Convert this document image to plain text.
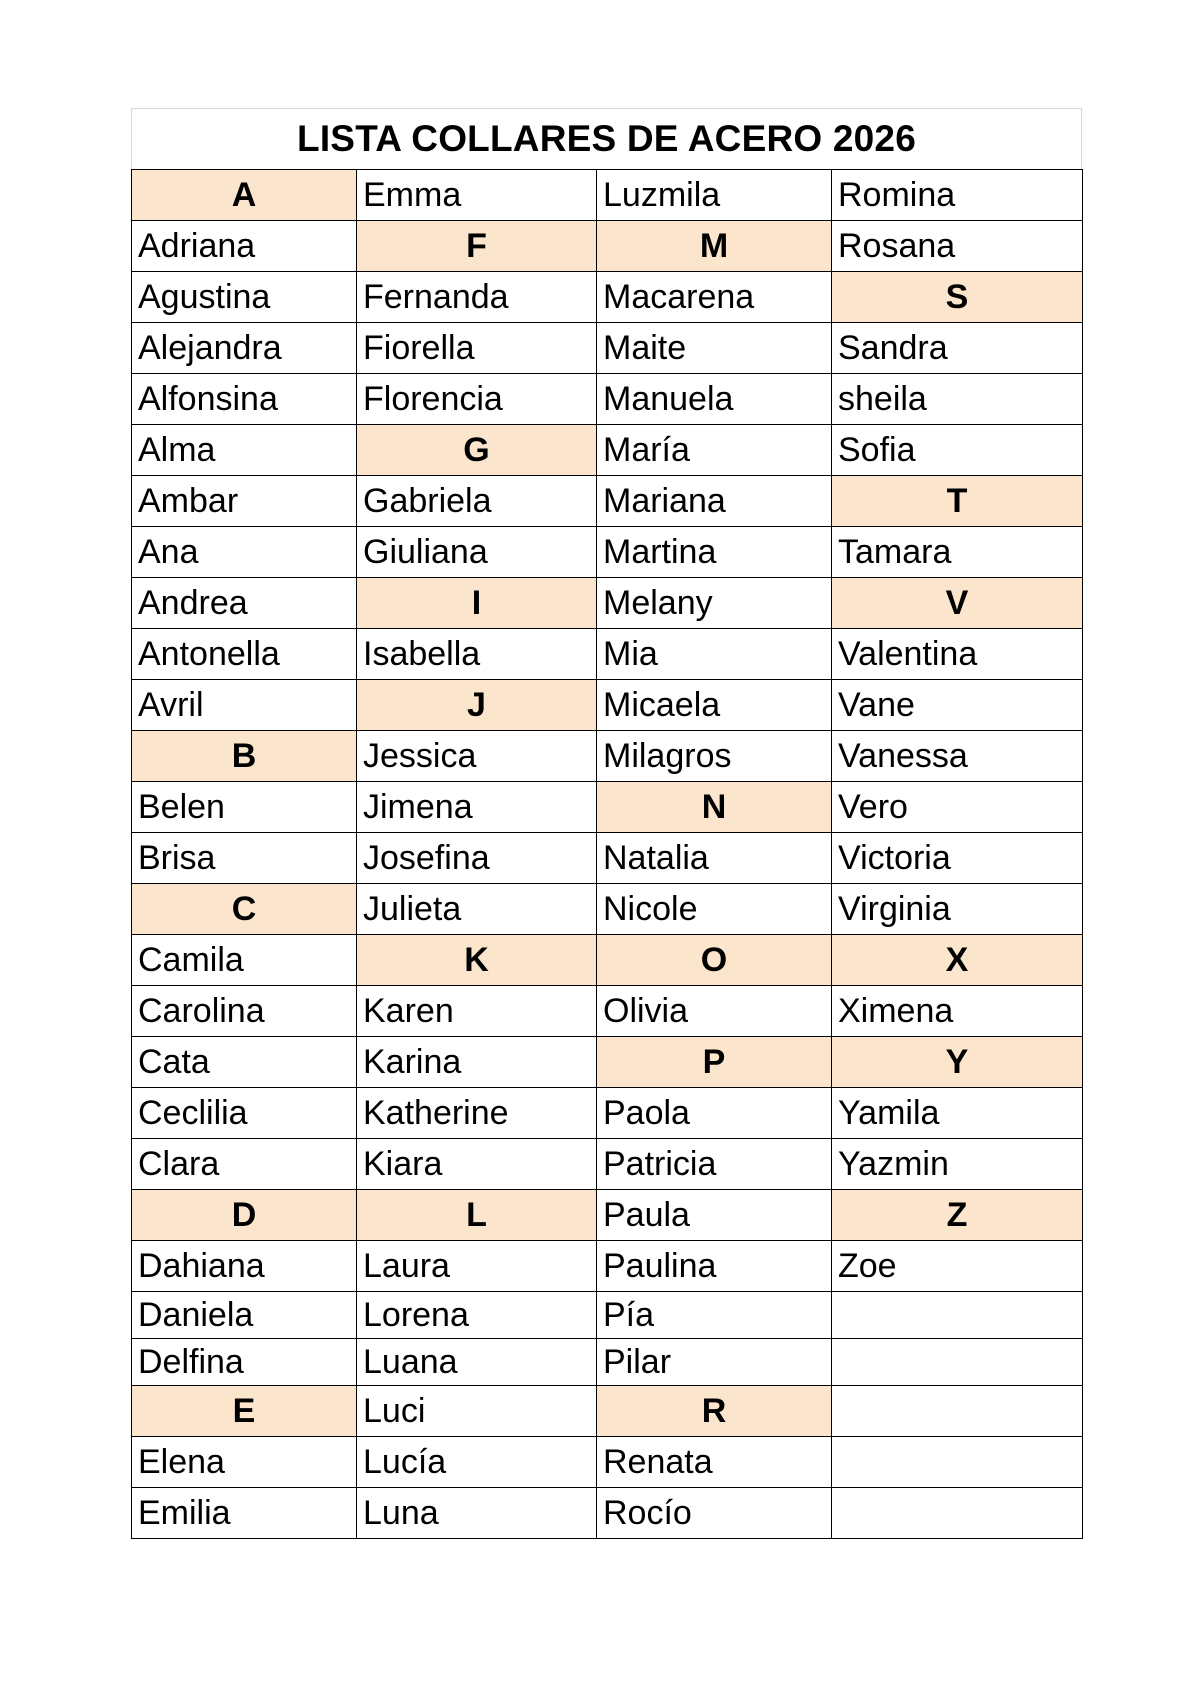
LISTA COLLARES DE ACERO 2026
A	Emma	Luzmila	Romina
Adriana	F	M	Rosana
Agustina	Fernanda	Macarena	S
Alejandra	Fiorella	Maite	Sandra
Alfonsina	Florencia	Manuela	sheila
Alma	G	María	Sofia
Ambar	Gabriela	Mariana	T
Ana	Giuliana	Martina	Tamara
Andrea	I	Melany	V
Antonella	Isabella	Mia	Valentina
Avril	J	Micaela	Vane
B	Jessica	Milagros	Vanessa
Belen	Jimena	N	Vero
Brisa	Josefina	Natalia	Victoria
C	Julieta	Nicole	Virginia
Camila	K	O	X
Carolina	Karen	Olivia	Ximena
Cata	Karina	P	Y
Ceclilia	Katherine	Paola	Yamila
Clara	Kiara	Patricia	Yazmin
D	L	Paula	Z
Dahiana	Laura	Paulina	Zoe
Daniela	Lorena	Pía	
Delfina	Luana	Pilar	
E	Luci	R	
Elena	Lucía	Renata	
Emilia	Luna	Rocío	
